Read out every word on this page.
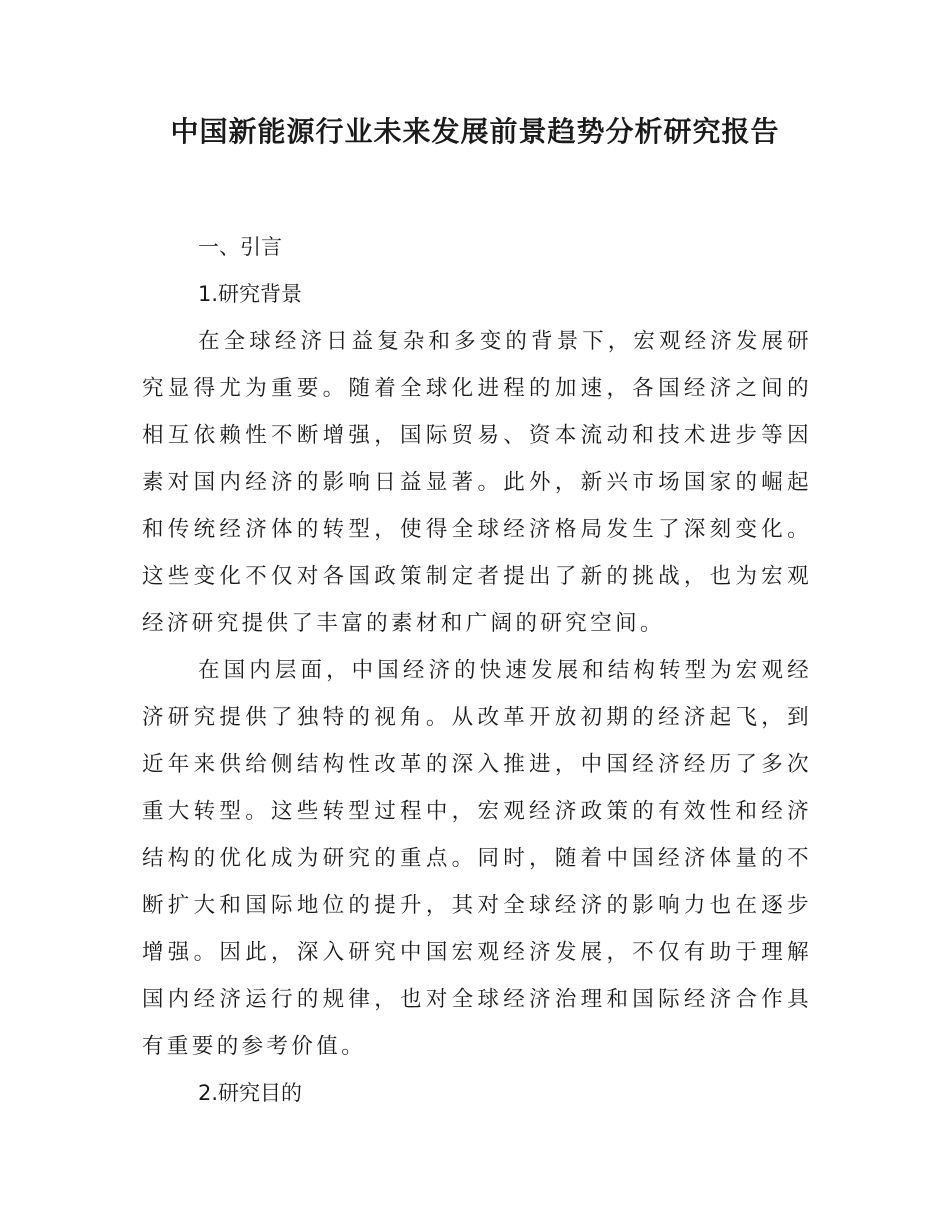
中国新能源行业未来发展前景趋势分析研究报告
一、引言
1.研究背景

在全球经济日益复杂和多变的背景下，宏观经济发展研究显得尤为重要。随着全球化进程的加速，各国经济之间的相互依赖性不断增强，国际贸易、资本流动和技术进步等因素对国内经济的影响日益显著。此外，新兴市场国家的崛起和传统经济体的转型，使得全球经济格局发生了深刻变化。这些变化不仅对各国政策制定者提出了新的挑战，也为宏观经济研究提供了丰富的素材和广阔的研究空间。

在国内层面，中国经济的快速发展和结构转型为宏观经济研究提供了独特的视角。从改革开放初期的经济起飞，到近年来供给侧结构性改革的深入推进，中国经济经历了多次重大转型。这些转型过程中，宏观经济政策的有效性和经济结构的优化成为研究的重点。同时，随着中国经济体量的不断扩大和国际地位的提升，其对全球经济的影响力也在逐步增强。因此，深入研究中国宏观经济发展，不仅有助于理解国内经济运行的规律，也对全球经济治理和国际经济合作具有重要的参考价值。

2.研究目的
